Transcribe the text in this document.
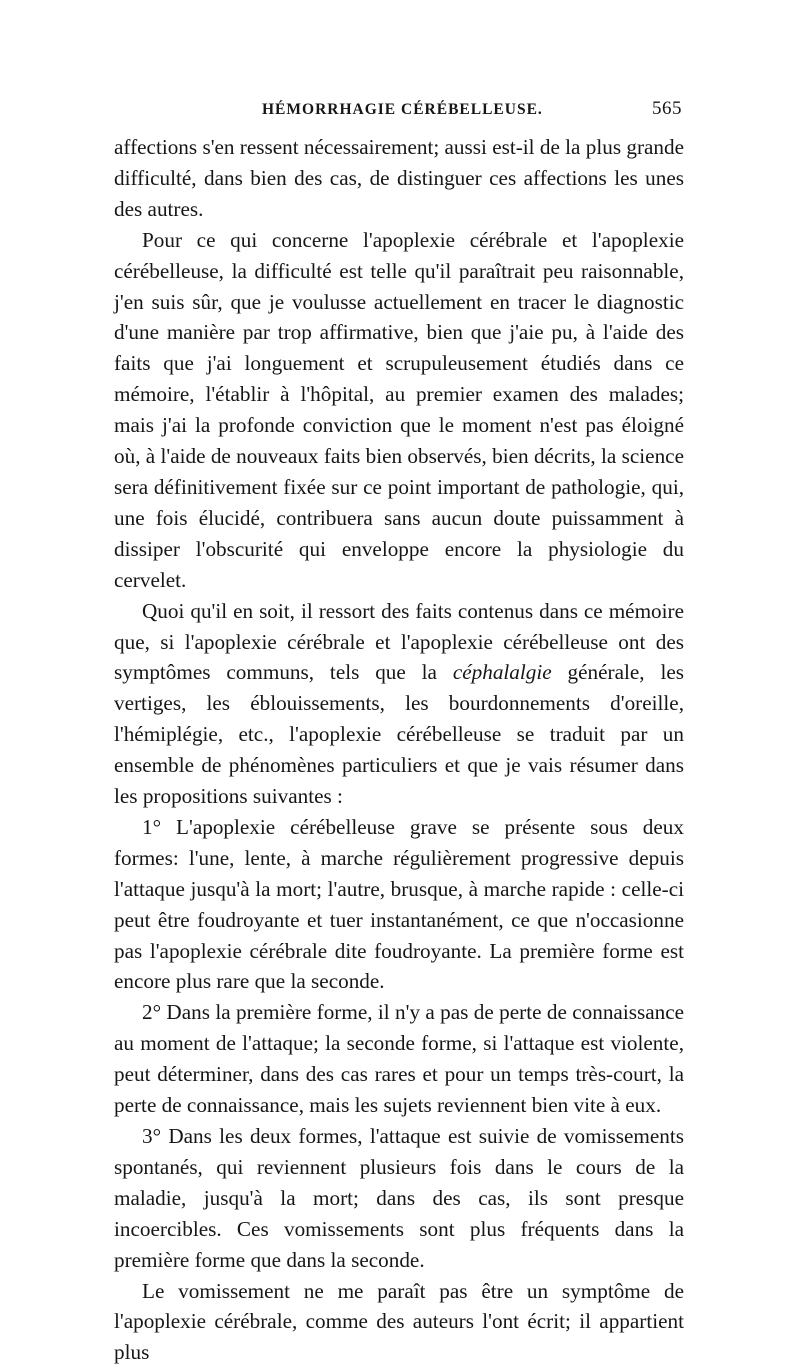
HÉMORRHAGIE CÉRÉBELLEUSE.	565

affections s'en ressent nécessairement; aussi est-il de la plus grande difficulté, dans bien des cas, de distinguer ces affections les unes des autres.

Pour ce qui concerne l'apoplexie cérébrale et l'apoplexie cérébelleuse, la difficulté est telle qu'il paraîtrait peu raisonnable, j'en suis sûr, que je voulusse actuellement en tracer le diagnostic d'une manière par trop affirmative, bien que j'aie pu, à l'aide des faits que j'ai longuement et scrupuleusement étudiés dans ce mémoire, l'établir à l'hôpital, au premier examen des malades; mais j'ai la profonde conviction que le moment n'est pas éloigné où, à l'aide de nouveaux faits bien observés, bien décrits, la science sera définitivement fixée sur ce point important de pathologie, qui, une fois élucidé, contribuera sans aucun doute puissamment à dissiper l'obscurité qui enveloppe encore la physiologie du cervelet.

Quoi qu'il en soit, il ressort des faits contenus dans ce mémoire que, si l'apoplexie cérébrale et l'apoplexie cérébelleuse ont des symptômes communs, tels que la céphalalgie générale, les vertiges, les éblouissements, les bourdonnements d'oreille, l'hémiplégie, etc., l'apoplexie cérébelleuse se traduit par un ensemble de phénomènes particuliers et que je vais résumer dans les propositions suivantes :

1° L'apoplexie cérébelleuse grave se présente sous deux formes: l'une, lente, à marche régulièrement progressive depuis l'attaque jusqu'à la mort; l'autre, brusque, à marche rapide : celle-ci peut être foudroyante et tuer instantanément, ce que n'occasionne pas l'apoplexie cérébrale dite foudroyante. La première forme est encore plus rare que la seconde.

2° Dans la première forme, il n'y a pas de perte de connaissance au moment de l'attaque; la seconde forme, si l'attaque est violente, peut déterminer, dans des cas rares et pour un temps très-court, la perte de connaissance, mais les sujets reviennent bien vite à eux.

3° Dans les deux formes, l'attaque est suivie de vomissements spontanés, qui reviennent plusieurs fois dans le cours de la maladie, jusqu'à la mort; dans des cas, ils sont presque incoercibles. Ces vomissements sont plus fréquents dans la première forme que dans la seconde.

Le vomissement ne me paraît pas être un symptôme de l'apoplexie cérébrale, comme des auteurs l'ont écrit; il appartient plus
